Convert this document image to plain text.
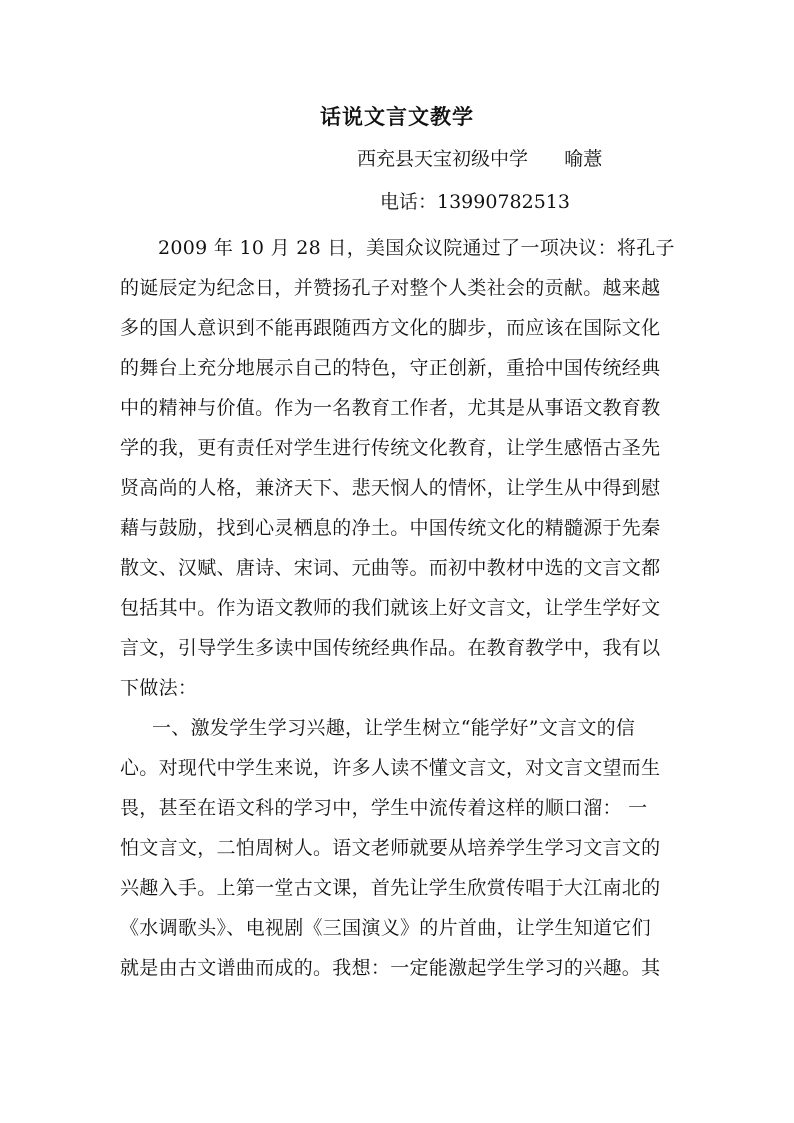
话说文言文教学
西充县天宝初级中学      喻薏
电话：13990782513
2009 年 10 月 28 日，美国众议院通过了一项决议：将孔子
的诞辰定为纪念日，并赞扬孔子对整个人类社会的贡献。越来越
多的国人意识到不能再跟随西方文化的脚步，而应该在国际文化
的舞台上充分地展示自己的特色，守正创新，重拾中国传统经典
中的精神与价值。作为一名教育工作者，尤其是从事语文教育教
学的我，更有责任对学生进行传统文化教育，让学生感悟古圣先
贤高尚的人格，兼济天下、悲天悯人的情怀，让学生从中得到慰
藉与鼓励，找到心灵栖息的净土。中国传统文化的精髓源于先秦
散文、汉赋、唐诗、宋词、元曲等。而初中教材中选的文言文都
包括其中。作为语文教师的我们就该上好文言文，让学生学好文
言文，引导学生多读中国传统经典作品。在教育教学中，我有以
下做法：
一、激发学生学习兴趣，让学生树立“能学好”文言文的信
心。对现代中学生来说，许多人读不懂文言文，对文言文望而生
畏，甚至在语文科的学习中，学生中流传着这样的顺口溜： 一
怕文言文，二怕周树人。语文老师就要从培养学生学习文言文的
兴趣入手。上第一堂古文课，首先让学生欣赏传唱于大江南北的
《水调歌头》、电视剧《三国演义》的片首曲，让学生知道它们
就是由古文谱曲而成的。我想：一定能激起学生学习的兴趣。其
